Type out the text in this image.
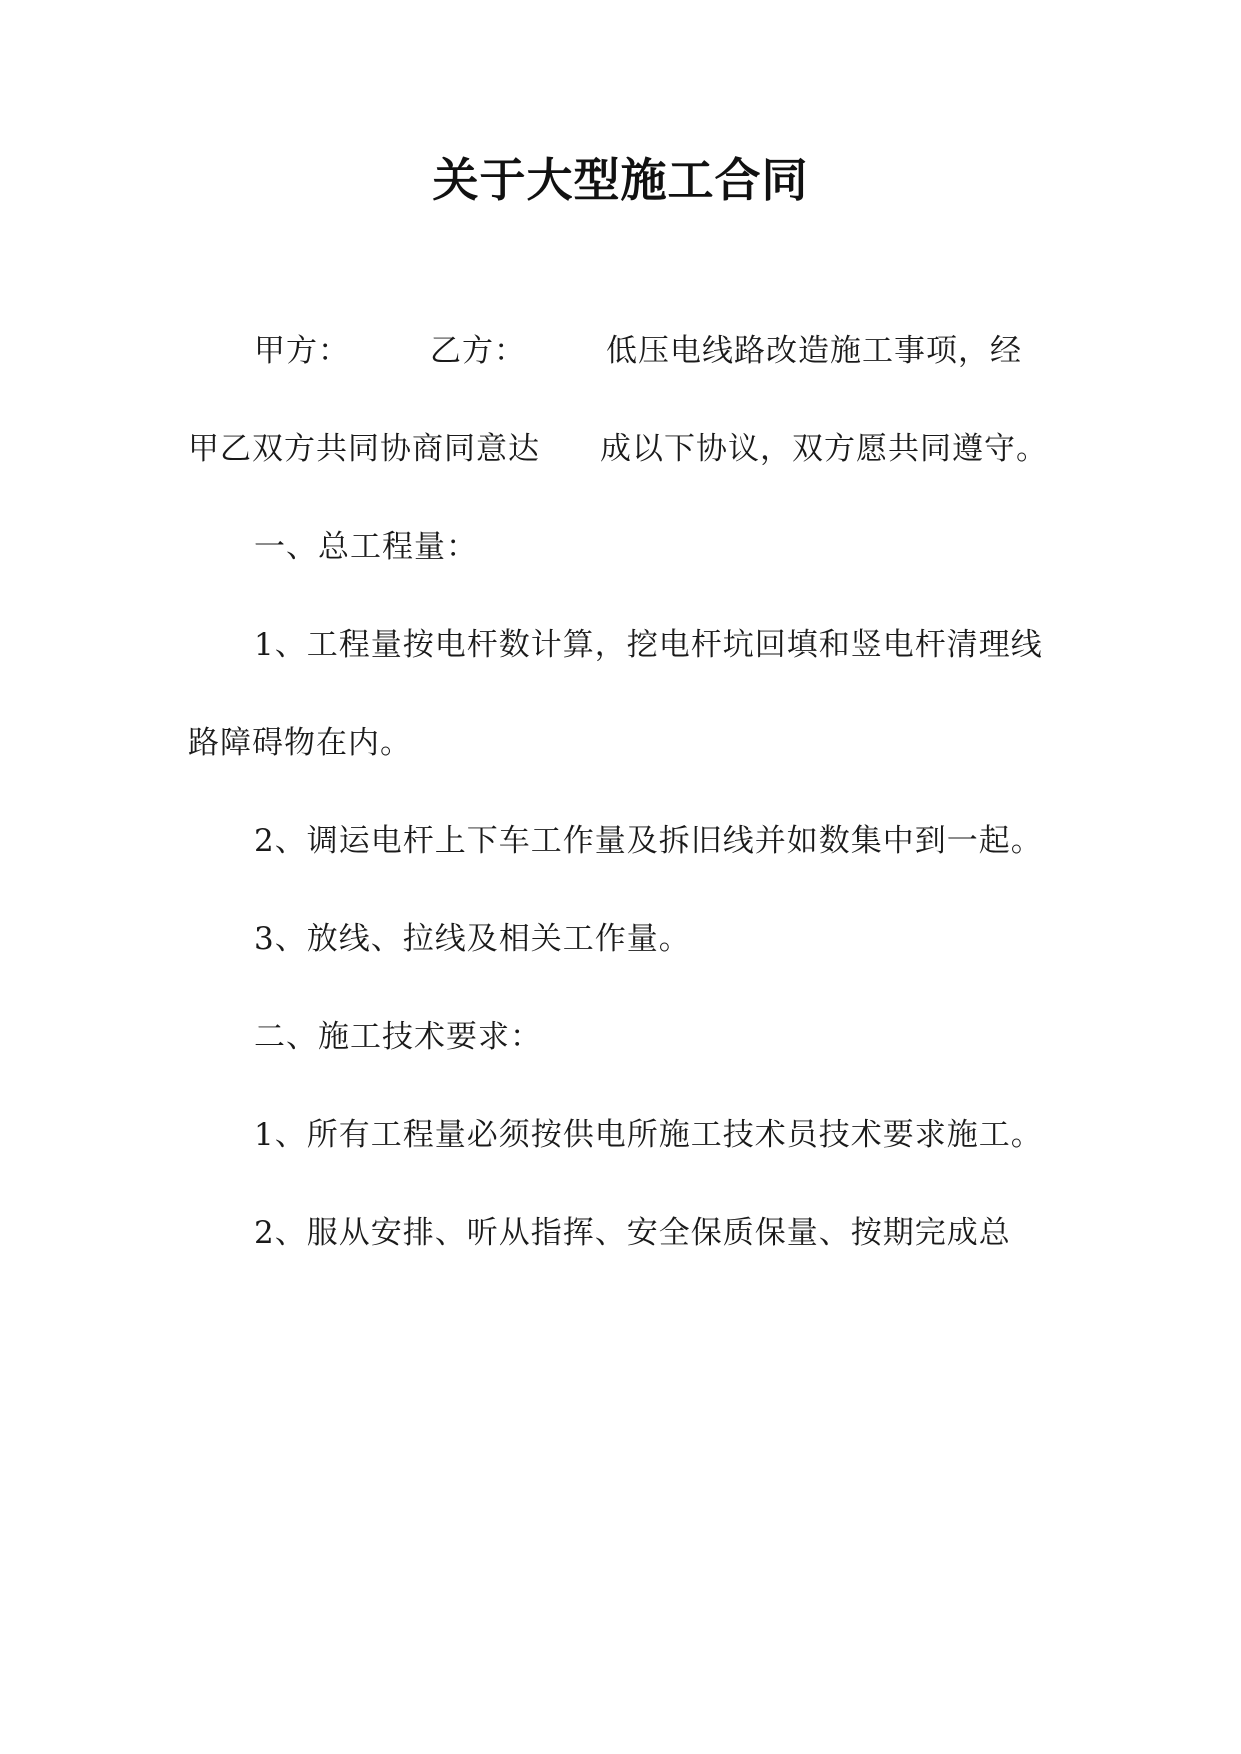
关于大型施工合同

甲方：	乙方：	低压电线路改造施工事项，经甲乙双方共同协商同意达 成以下协议，双方愿共同遵守。

一、总工程量：

1、工程量按电杆数计算，挖电杆坑回填和竖电杆清理线路障碍物在内。

2、调运电杆上下车工作量及拆旧线并如数集中到一起。

3、放线、拉线及相关工作量。

二、施工技术要求：

1、所有工程量必须按供电所施工技术员技术要求施工。

2、服从安排、听从指挥、安全保质保量、按期完成总
